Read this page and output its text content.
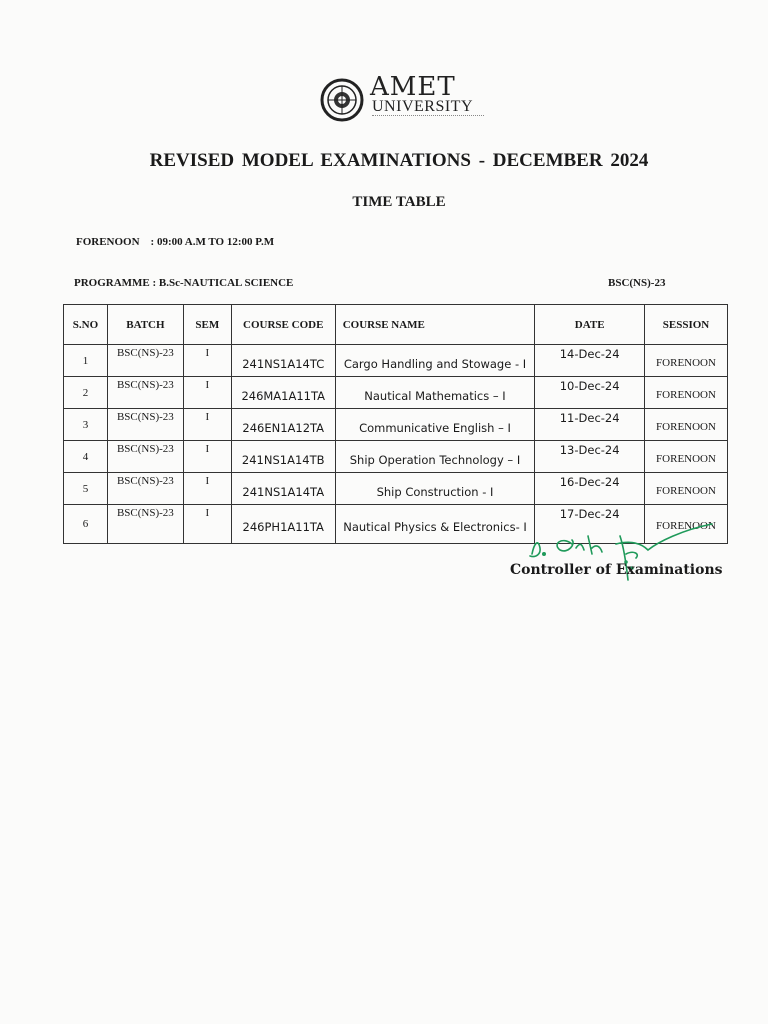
AMET
UNIVERSITY
REVISED MODEL EXAMINATIONS - DECEMBER 2024
TIME TABLE
FORENOON    : 09:00 A.M TO 12:00 P.M
PROGRAMME : B.Sc-NAUTICAL SCIENCE	BSC(NS)-23
S.NO	BATCH	SEM	COURSE CODE	COURSE NAME	DATE	SESSION
1	BSC(NS)-23	I	241NS1A14TC	Cargo Handling and Stowage - I	14-Dec-24	FORENOON
2	BSC(NS)-23	I	246MA1A11TA	Nautical Mathematics – I	10-Dec-24	FORENOON
3	BSC(NS)-23	I	246EN1A12TA	Communicative English – I	11-Dec-24	FORENOON
4	BSC(NS)-23	I	241NS1A14TB	Ship Operation Technology – I	13-Dec-24	FORENOON
5	BSC(NS)-23	I	241NS1A14TA	Ship Construction - I	16-Dec-24	FORENOON
6	BSC(NS)-23	I	246PH1A11TA	Nautical Physics & Electronics- I	17-Dec-24	FORENOON
Controller of Examinations
